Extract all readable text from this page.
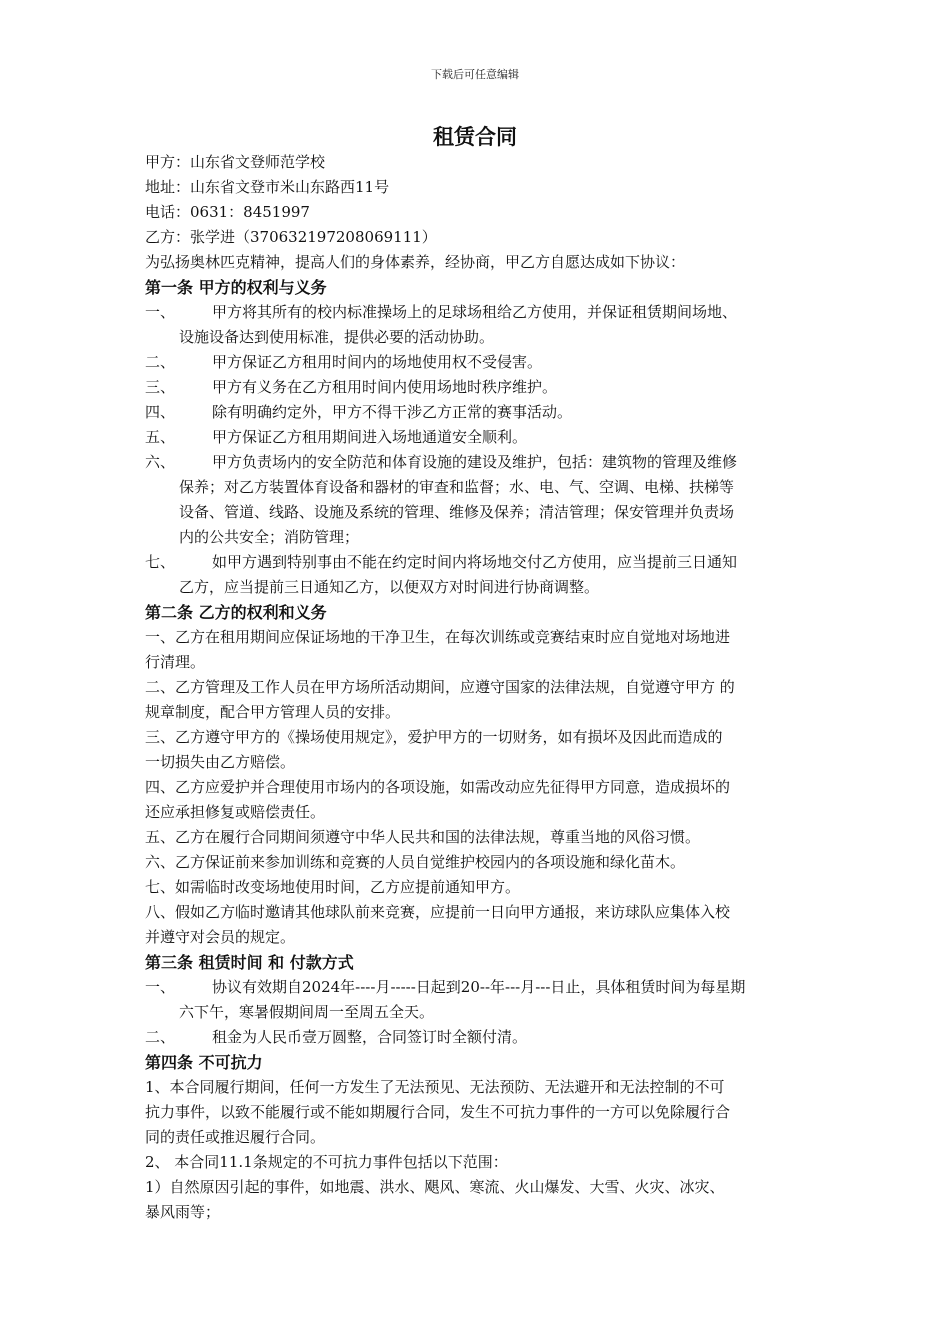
下载后可任意编辑
租赁合同
甲方：山东省文登师范学校
地址：山东省文登市米山东路西11号
电话：0631：8451997
乙方：张学进（370632197208069111）
为弘扬奥林匹克精神，提高人们的身体素养，经协商，甲乙方自愿达成如下协议：
第一条 甲方的权利与义务
一、	甲方将其所有的校内标准操场上的足球场租给乙方使用，并保证租赁期间场地、
设施设备达到使用标准，提供必要的活动协助。
二、	甲方保证乙方租用时间内的场地使用权不受侵害。
三、	甲方有义务在乙方租用时间内使用场地时秩序维护。
四、	除有明确约定外，甲方不得干涉乙方正常的赛事活动。
五、	甲方保证乙方租用期间进入场地通道安全顺利。
六、	甲方负责场内的安全防范和体育设施的建设及维护，包括：建筑物的管理及维修
保养；对乙方装置体育设备和器材的审查和监督；水、电、气、空调、电梯、扶梯等
设备、管道、线路、设施及系统的管理、维修及保养；清洁管理；保安管理并负责场
内的公共安全；消防管理；
七、	如甲方遇到特别事由不能在约定时间内将场地交付乙方使用，应当提前三日通知
乙方，应当提前三日通知乙方，以便双方对时间进行协商调整。
第二条 乙方的权利和义务
一、乙方在租用期间应保证场地的干净卫生，在每次训练或竞赛结束时应自觉地对场地进
行清理。
二、乙方管理及工作人员在甲方场所活动期间，应遵守国家的法律法规，自觉遵守甲方 的
规章制度，配合甲方管理人员的安排。
三、乙方遵守甲方的《操场使用规定》，爱护甲方的一切财务，如有损坏及因此而造成的
一切损失由乙方赔偿。
四、乙方应爱护并合理使用市场内的各项设施，如需改动应先征得甲方同意，造成损坏的
还应承担修复或赔偿责任。
五、乙方在履行合同期间须遵守中华人民共和国的法律法规，尊重当地的风俗习惯。
六、乙方保证前来参加训练和竞赛的人员自觉维护校园内的各项设施和绿化苗木。
七、如需临时改变场地使用时间，乙方应提前通知甲方。
八、假如乙方临时邀请其他球队前来竞赛，应提前一日向甲方通报，来访球队应集体入校
并遵守对会员的规定。
第三条 租赁时间 和 付款方式
一、	协议有效期自2024年----月-----日起到20--年---月---日止，具体租赁时间为每星期
六下午，寒暑假期间周一至周五全天。
二、	租金为人民币壹万圆整，合同签订时全额付清。
第四条 不可抗力
1、本合同履行期间，任何一方发生了无法预见、无法预防、无法避开和无法控制的不可
抗力事件，以致不能履行或不能如期履行合同，发生不可抗力事件的一方可以免除履行合
同的责任或推迟履行合同。
2、 本合同11.1条规定的不可抗力事件包括以下范围：
1）自然原因引起的事件，如地震、洪水、飓风、寒流、火山爆发、大雪、火灾、冰灾、
暴风雨等；
